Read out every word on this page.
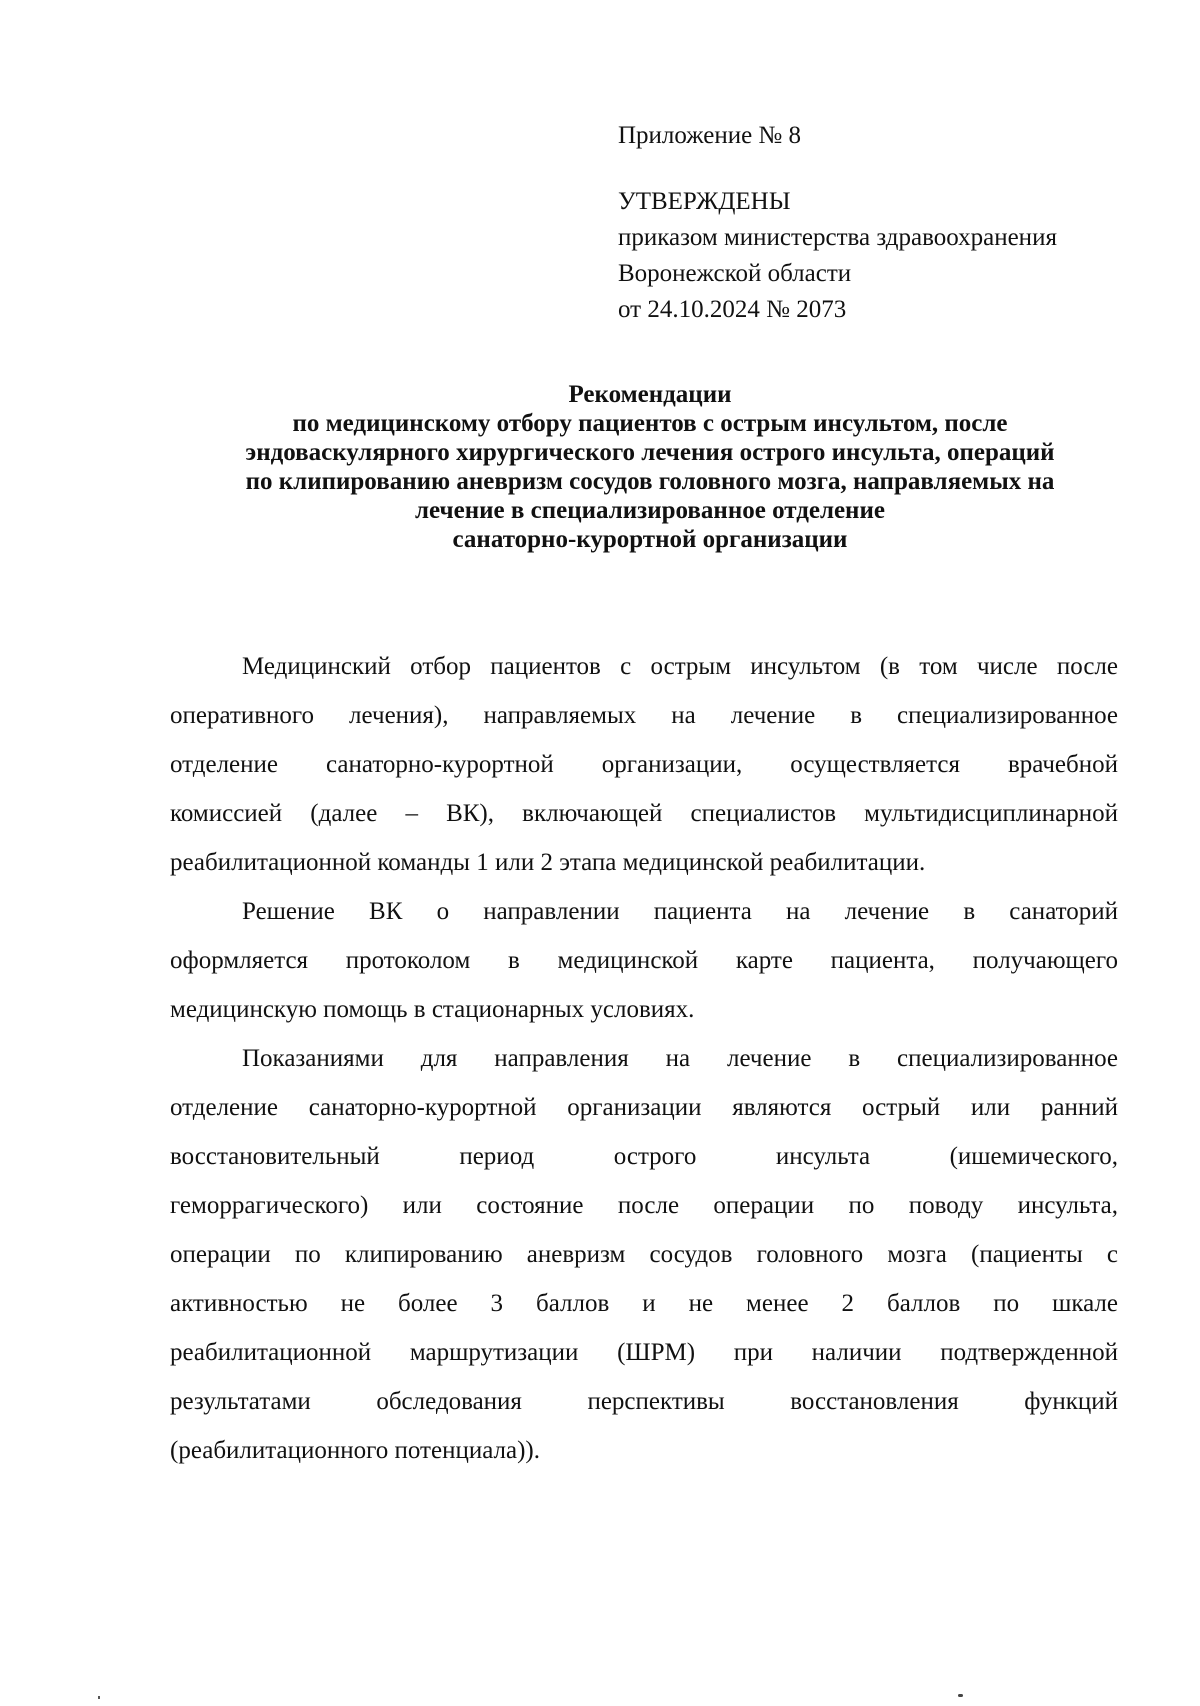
Приложение № 8
УТВЕРЖДЕНЫ
приказом министерства здравоохранения
Воронежской области
от 24.10.2024 № 2073
Рекомендации
по медицинскому отбору пациентов с острым инсультом, после
эндоваскулярного хирургического лечения острого инсульта, операций
по клипированию аневризм сосудов головного мозга, направляемых на
лечение в специализированное отделение
санаторно-курортной организации
Медицинский отбор пациентов с острым инсультом (в том числе после
оперативного лечения), направляемых на лечение в специализированное
отделение санаторно-курортной организации, осуществляется врачебной
комиссией (далее – ВК), включающей специалистов мультидисциплинарной
реабилитационной команды 1 или 2 этапа медицинской реабилитации.
Решение ВК о направлении пациента на лечение в санаторий
оформляется протоколом в медицинской карте пациента, получающего
медицинскую помощь в стационарных условиях.
Показаниями для направления на лечение в специализированное
отделение санаторно-курортной организации являются острый или ранний
восстановительный период острого инсульта (ишемического,
геморрагического) или состояние после операции по поводу инсульта,
операции по клипированию аневризм сосудов головного мозга (пациенты с
активностью не более 3 баллов и не менее 2 баллов по шкале
реабилитационной маршрутизации (ШРМ) при наличии подтвержденной
результатами обследования перспективы восстановления функций
(реабилитационного потенциала)).
